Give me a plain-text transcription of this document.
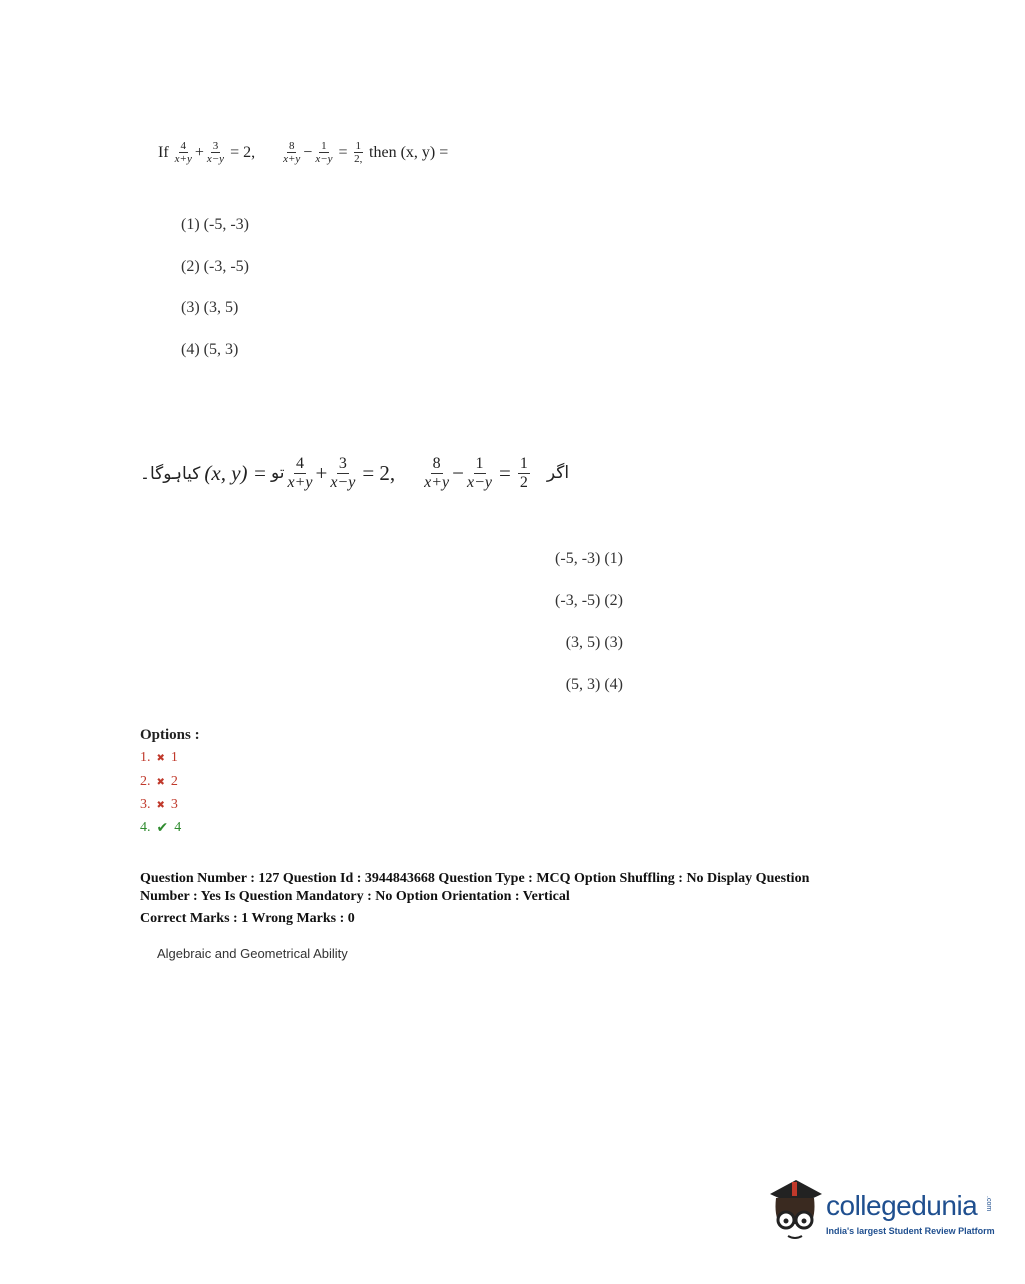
If $\frac{4}{x+y} + \frac{3}{x-y} = 2$,	$\frac{8}{x+y} - \frac{1}{x-y} = \frac{1}{2,}$ then (x, y) =
(1) (-5, -3)
(2) (-3, -5)
(3) (3, 5)
(4) (5, 3)
کیاہوگا۔ (x, y) = تو $\frac{4}{x+y} + \frac{3}{x-y} = 2$, $\frac{8}{x+y} - \frac{1}{x-y} = \frac{1}{2}$ اگر
(-5, -3) (1)
(-3, -5) (2)
(3, 5) (3)
(5, 3) (4)
Options :
1. ✖ 1
2. ✖ 2
3. ✖ 3
4. ✔ 4
Question Number : 127 Question Id : 3944843668 Question Type : MCQ Option Shuffling : No Display Question
Number : Yes Is Question Mandatory : No Option Orientation : Vertical
Correct Marks : 1 Wrong Marks : 0
Algebraic and Geometrical Ability
collegedunia .com
India's largest Student Review Platform
